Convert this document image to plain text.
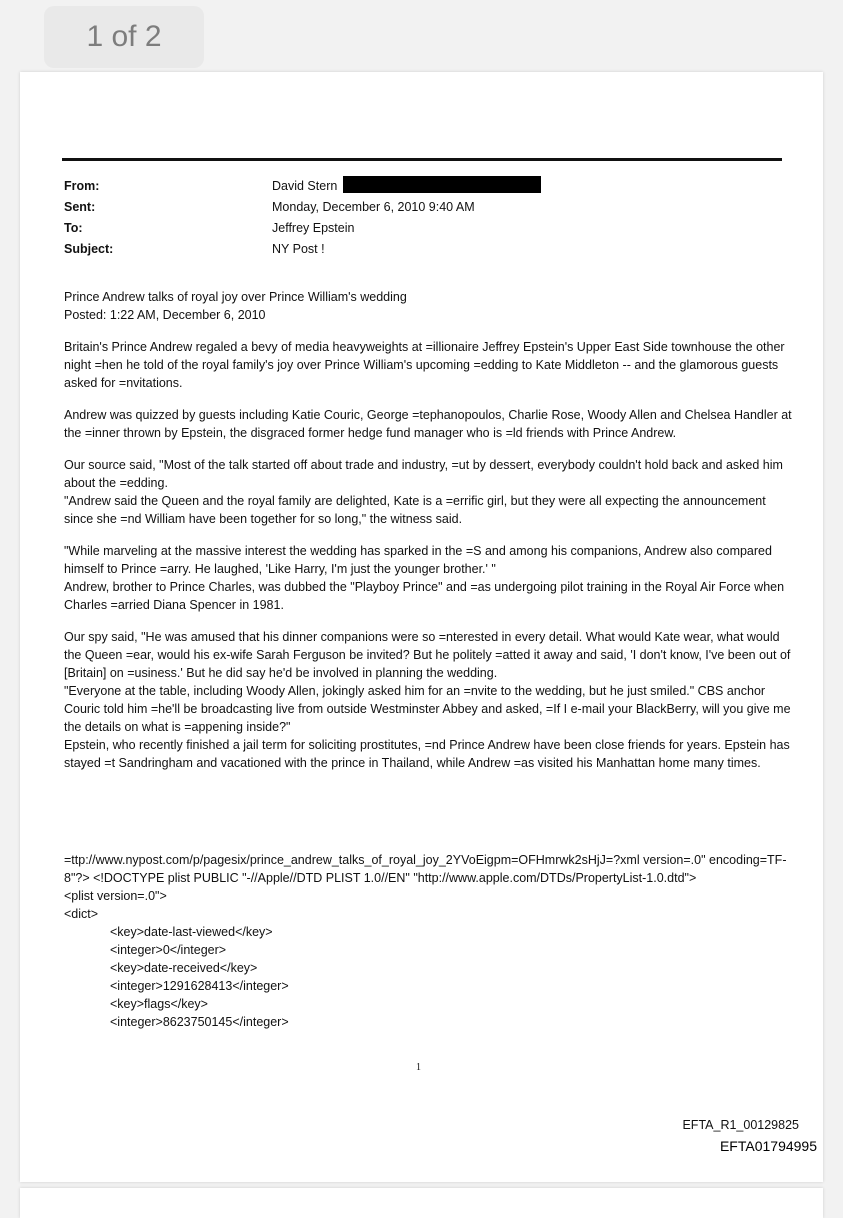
1 of 2
From:	David Stern
Sent:	Monday, December 6, 2010 9:40 AM
To:	Jeffrey Epstein
Subject:	NY Post !

Prince Andrew talks of royal joy over Prince William's wedding

Posted: 1:22 AM, December 6, 2010

Britain's Prince Andrew regaled a bevy of media heavyweights at =illionaire Jeffrey Epstein's Upper East Side townhouse the other night =hen he told of the royal family's joy over Prince William's upcoming =edding to Kate Middleton -- and the glamorous guests asked for =nvitations.

Andrew was quizzed by guests including Katie Couric, George =tephanopoulos, Charlie Rose, Woody Allen and Chelsea Handler at the =inner thrown by Epstein, the disgraced former hedge fund manager who is =ld friends with Prince Andrew.

Our source said, "Most of the talk started off about trade and industry, =ut by dessert, everybody couldn't hold back and asked him about the =edding.

"Andrew said the Queen and the royal family are delighted, Kate is a =errific girl, but they were all expecting the announcement since she =nd William have been together for so long," the witness said.

"While marveling at the massive interest the wedding has sparked in the =S and among his companions, Andrew also compared himself to Prince =arry. He laughed, 'Like Harry, I'm just the younger brother.' "

Andrew, brother to Prince Charles, was dubbed the "Playboy Prince" and =as undergoing pilot training in the Royal Air Force when Charles =arried Diana Spencer in 1981.

Our spy said, "He was amused that his dinner companions were so =nterested in every detail. What would Kate wear, what would the Queen =ear, would his ex-wife Sarah Ferguson be invited? But he politely =atted it away and said, 'I don't know, I've been out of [Britain] on =usiness.' But he did say he'd be involved in planning the wedding.

"Everyone at the table, including Woody Allen, jokingly asked him for an =nvite to the wedding, but he just smiled." CBS anchor Couric told him =he'll be broadcasting live from outside Westminster Abbey and asked, =If I e-mail your BlackBerry, will you give me the details on what is =appening inside?"

Epstein, who recently finished a jail term for soliciting prostitutes, =nd Prince Andrew have been close friends for years. Epstein has stayed =t Sandringham and vacationed with the prince in Thailand, while Andrew =as visited his Manhattan home many times.

=ttp://www.nypost.com/p/pagesix/prince_andrew_talks_of_royal_joy_2YVoEigpm=OFHmrwk2sHjJ=?xml version=.0" encoding=TF-8"?> <!DOCTYPE plist PUBLIC "-//Apple//DTD PLIST 1.0//EN" "http://www.apple.com/DTDs/PropertyList-1.0.dtd">

<plist version=.0">

<dict>

<key>date-last-viewed</key>

<integer>0</integer>

<key>date-received</key>

<integer>1291628413</integer>

<key>flags</key>

<integer>8623750145</integer>

1
EFTA_R1_00129825
EFTA01794995
